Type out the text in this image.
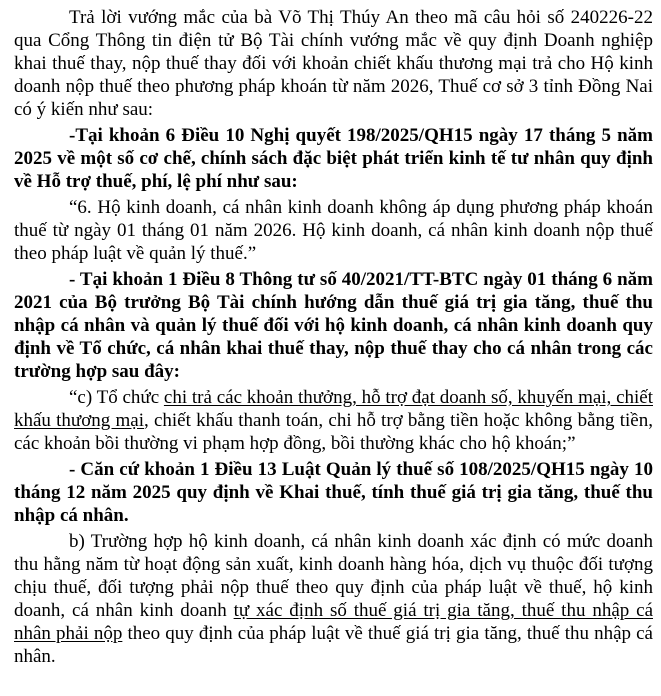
Trả lời vướng mắc của bà Võ Thị Thúy An theo mã câu hỏi số 240226-22 qua Cổng Thông tin điện tử Bộ Tài chính vướng mắc về quy định Doanh nghiệp khai thuế thay, nộp thuế thay đối với khoản chiết khấu thương mại trả cho Hộ kinh doanh nộp thuế theo phương pháp khoán từ năm 2026, Thuế cơ sở 3 tỉnh Đồng Nai có ý kiến như sau:

-Tại khoản 6 Điều 10 Nghị quyết 198/2025/QH15 ngày 17 tháng 5 năm 2025 về một số cơ chế, chính sách đặc biệt phát triển kinh tế tư nhân quy định về Hỗ trợ thuế, phí, lệ phí như sau:

“6. Hộ kinh doanh, cá nhân kinh doanh không áp dụng phương pháp khoán thuế từ ngày 01 tháng 01 năm 2026. Hộ kinh doanh, cá nhân kinh doanh nộp thuế theo pháp luật về quản lý thuế.”

- Tại khoản 1 Điều 8 Thông tư số 40/2021/TT-BTC ngày 01 tháng 6 năm 2021 của Bộ trưởng Bộ Tài chính hướng dẫn thuế giá trị gia tăng, thuế thu nhập cá nhân và quản lý thuế đối với hộ kinh doanh, cá nhân kinh doanh quy định về Tổ chức, cá nhân khai thuế thay, nộp thuế thay cho cá nhân trong các trường hợp sau đây:

“c) Tổ chức chi trả các khoản thưởng, hỗ trợ đạt doanh số, khuyến mại, chiết khấu thương mại, chiết khấu thanh toán, chi hỗ trợ bằng tiền hoặc không bằng tiền, các khoản bồi thường vi phạm hợp đồng, bồi thường khác cho hộ khoán;”

- Căn cứ khoản 1 Điều 13 Luật Quản lý thuế số 108/2025/QH15 ngày 10 tháng 12 năm 2025 quy định về Khai thuế, tính thuế giá trị gia tăng, thuế thu nhập cá nhân.

b) Trường hợp hộ kinh doanh, cá nhân kinh doanh xác định có mức doanh thu hằng năm từ hoạt động sản xuất, kinh doanh hàng hóa, dịch vụ thuộc đối tượng chịu thuế, đối tượng phải nộp thuế theo quy định của pháp luật về thuế, hộ kinh doanh, cá nhân kinh doanh tự xác định số thuế giá trị gia tăng, thuế thu nhập cá nhân phải nộp theo quy định của pháp luật về thuế giá trị gia tăng, thuế thu nhập cá nhân.
